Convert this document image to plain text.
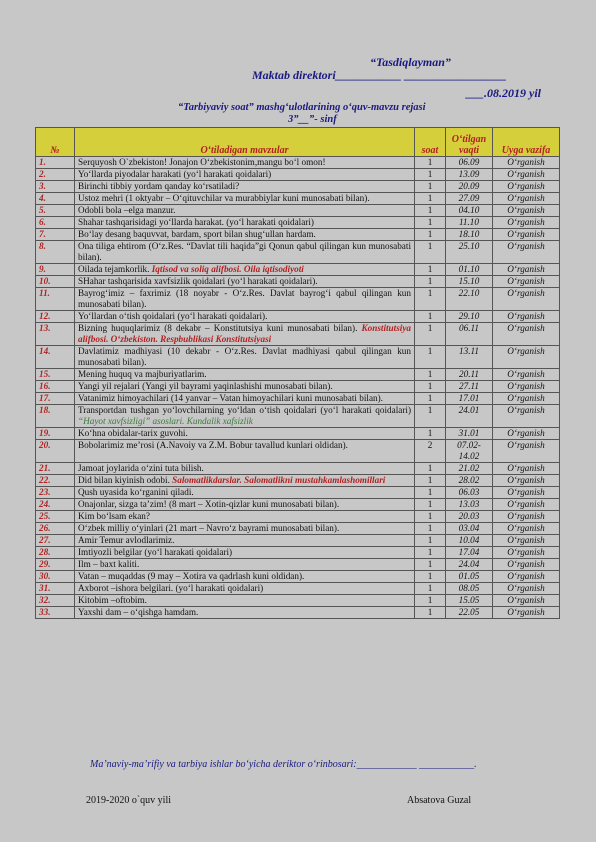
“Tasdiqlayman”
Maktab direktori___________ _________________
___.08.2019 yil
“Tarbiyaviy soat” mashg‘ulotlarining o‘quv-mavzu rejasi
3”__”- sinf
№	O‘tiladigan mavzular	soat	O‘tilgan vaqti	Uyga vazifa
1.	Serquyosh O`zbekiston! Jonajon O‘zbekistonim,mangu bo‘l omon!	1	06.09	O‘rganish
2.	Yo‘llarda piyodalar harakati (yo‘l harakati qoidalari)	1	13.09	O‘rganish
3.	Birinchi tibbiy yordam qanday ko‘rsatiladi?	1	20.09	O‘rganish
4.	Ustoz mehri (1 oktyabr – O‘qituvchilar va murabbiylar kuni munosabati bilan).	1	27.09	O‘rganish
5.	Odobli bola –elga manzur.	1	04.10	O‘rganish
6.	Shahar tashqarisidagi yo‘llarda harakat. (yo‘l harakati qoidalari)	1	11.10	O‘rganish
7.	Bo‘lay desang baquvvat, bardam, sport bilan shug‘ullan hardam.	1	18.10	O‘rganish
8.	Ona tiliga ehtirom (O‘z.Res. “Davlat tili haqida”gi Qonun qabul qilingan kun munosabati bilan).	1	25.10	O‘rganish
9.	Oilada tejamkorlik. Iqtisod va soliq alifbosi. Oila iqtisodiyoti	1	01.10	O‘rganish
10.	SHahar tashqarisida xavfsizlik qoidalari (yo‘l harakati qoidalari).	1	15.10	O‘rganish
11.	Bayrog‘imiz – faxrimiz (18 noyabr - O‘z.Res. Davlat bayrog‘i qabul qilingan kun munosabati bilan).	1	22.10	O‘rganish
12.	Yo‘llardan o‘tish qoidalari (yo‘l harakati qoidalari).	1	29.10	O‘rganish
13.	Bizning huquqlarimiz (8 dekabr – Konstitutsiya kuni munosabati bilan). Konstitutsiya alifbosi. O‘zbekiston. Respbublikasi Konstitutsiyasi	1	06.11	O‘rganish
14.	Davlatimiz madhiyasi (10 dekabr - O‘z.Res. Davlat madhiyasi qabul qilingan kun munosabati bilan).	1	13.11	O‘rganish
15.	Mening huquq va majburiyatlarim.	1	20.11	O‘rganish
16.	Yangi yil rejalari (Yangi yil bayrami yaqinlashishi munosabati bilan).	1	27.11	O‘rganish
17.	Vatanimiz himoyachilari (14 yanvar – Vatan himoyachilari kuni munosabati bilan).	1	17.01	O‘rganish
18.	Transportdan tushgan yo‘lovchilarning yo‘ldan o‘tish qoidalari (yo‘l harakati qoidalari) “Hayot xavfsizligi” asoslari. Kundalik xafsizlik	1	24.01	O‘rganish
19.	Ko‘hna obidalar-tarix guvohi.	1	31.01	O‘rganish
20.	Bobolarimiz me’rosi (A.Navoiy va Z.M. Bobur tavallud kunlari oldidan).	2	07.02-14.02	O‘rganish
21.	Jamoat joylarida o‘zini tuta bilish.	1	21.02	O‘rganish
22.	Did bilan kiyinish odobi. Salomatlikdarslar. Salomatlikni mustahkamlashomillari	1	28.02	O‘rganish
23.	Qush uyasida ko‘rganini qiladi.	1	06.03	O‘rganish
24.	Onajonlar, sizga ta’zim! (8 mart – Xotin-qizlar kuni munosabati bilan).	1	13.03	O‘rganish
25.	Kim bo‘lsam ekan?	1	20.03	O‘rganish
26.	O‘zbek milliy o‘yinlari (21 mart – Navro‘z bayrami munosabati bilan).	1	03.04	O‘rganish
27.	Amir Temur avlodlarimiz.	1	10.04	O‘rganish
28.	Imtiyozli belgilar (yo‘l harakati qoidalari)	1	17.04	O‘rganish
29.	Ilm – baxt kaliti.	1	24.04	O‘rganish
30.	Vatan – muqaddas (9 may – Xotira va qadrlash kuni oldidan).	1	01.05	O‘rganish
31.	Axborot –ishora belgilari. (yo‘l harakati qoidalari)	1	08.05	O‘rganish
32.	Kitobim –oftobim.	1	15.05	O‘rganish
33.	Yaxshi dam – o‘qishga hamdam.	1	22.05	O‘rganish
Ma’naviy-ma’rifiy va tarbiya ishlar bo‘yicha deriktor o‘rinbosari:____________ ___________.
2019-2020 o`quv yili	Absatova Guzal
